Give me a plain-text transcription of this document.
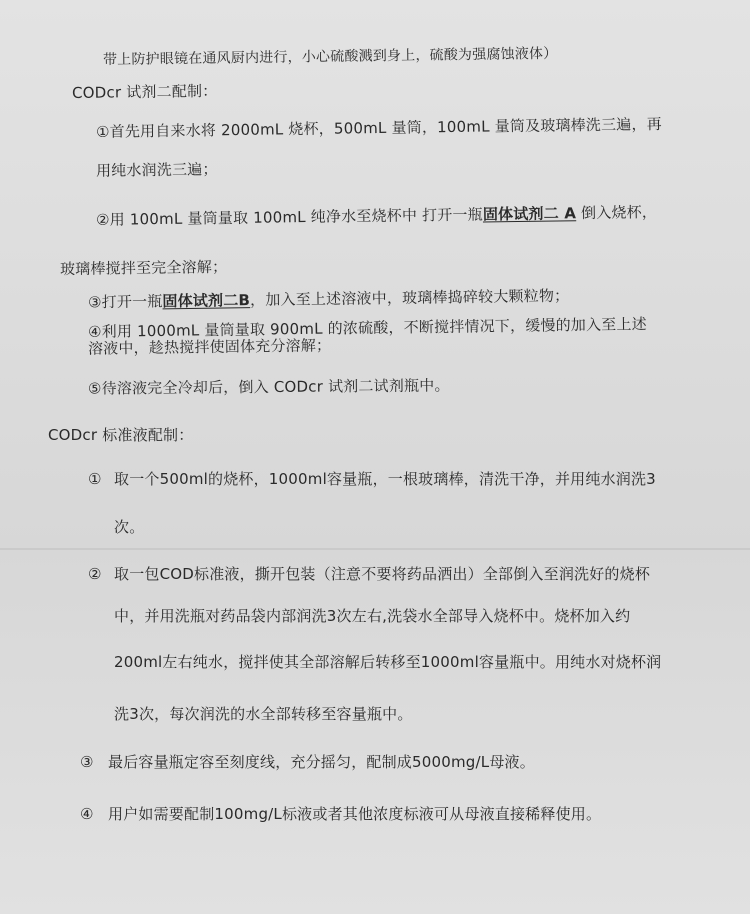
带上防护眼镜在通风厨内进行，小心硫酸溅到身上，硫酸为强腐蚀液体）
CODcr 试剂二配制：
①首先用自来水将 2000mL 烧杯，500mL 量筒，100mL 量筒及玻璃棒洗三遍，再
用纯水润洗三遍；
②用 100mL 量筒量取 100mL 纯净水至烧杯中 打开一瓶固体试剂二 A 倒入烧杯，
玻璃棒搅拌至完全溶解；
③打开一瓶固体试剂二B，加入至上述溶液中，玻璃棒捣碎较大颗粒物；
④利用 1000mL 量筒量取 900mL 的浓硫酸，不断搅拌情况下，缓慢的加入至上述
溶液中，趁热搅拌使固体充分溶解；
⑤待溶液完全冷却后，倒入 CODcr 试剂二试剂瓶中。
CODcr 标准液配制：
① 取一个500ml的烧杯，1000ml容量瓶，一根玻璃棒，清洗干净，并用纯水润洗3
次。
② 取一包COD标准液，撕开包装（注意不要将药品洒出）全部倒入至润洗好的烧杯
中，并用洗瓶对药品袋内部润洗3次左右,洗袋水全部导入烧杯中。烧杯加入约
200ml左右纯水，搅拌使其全部溶解后转移至1000ml容量瓶中。用纯水对烧杯润
洗3次，每次润洗的水全部转移至容量瓶中。
③ 最后容量瓶定容至刻度线，充分摇匀，配制成5000mg/L母液。
④ 用户如需要配制100mg/L标液或者其他浓度标液可从母液直接稀释使用。
